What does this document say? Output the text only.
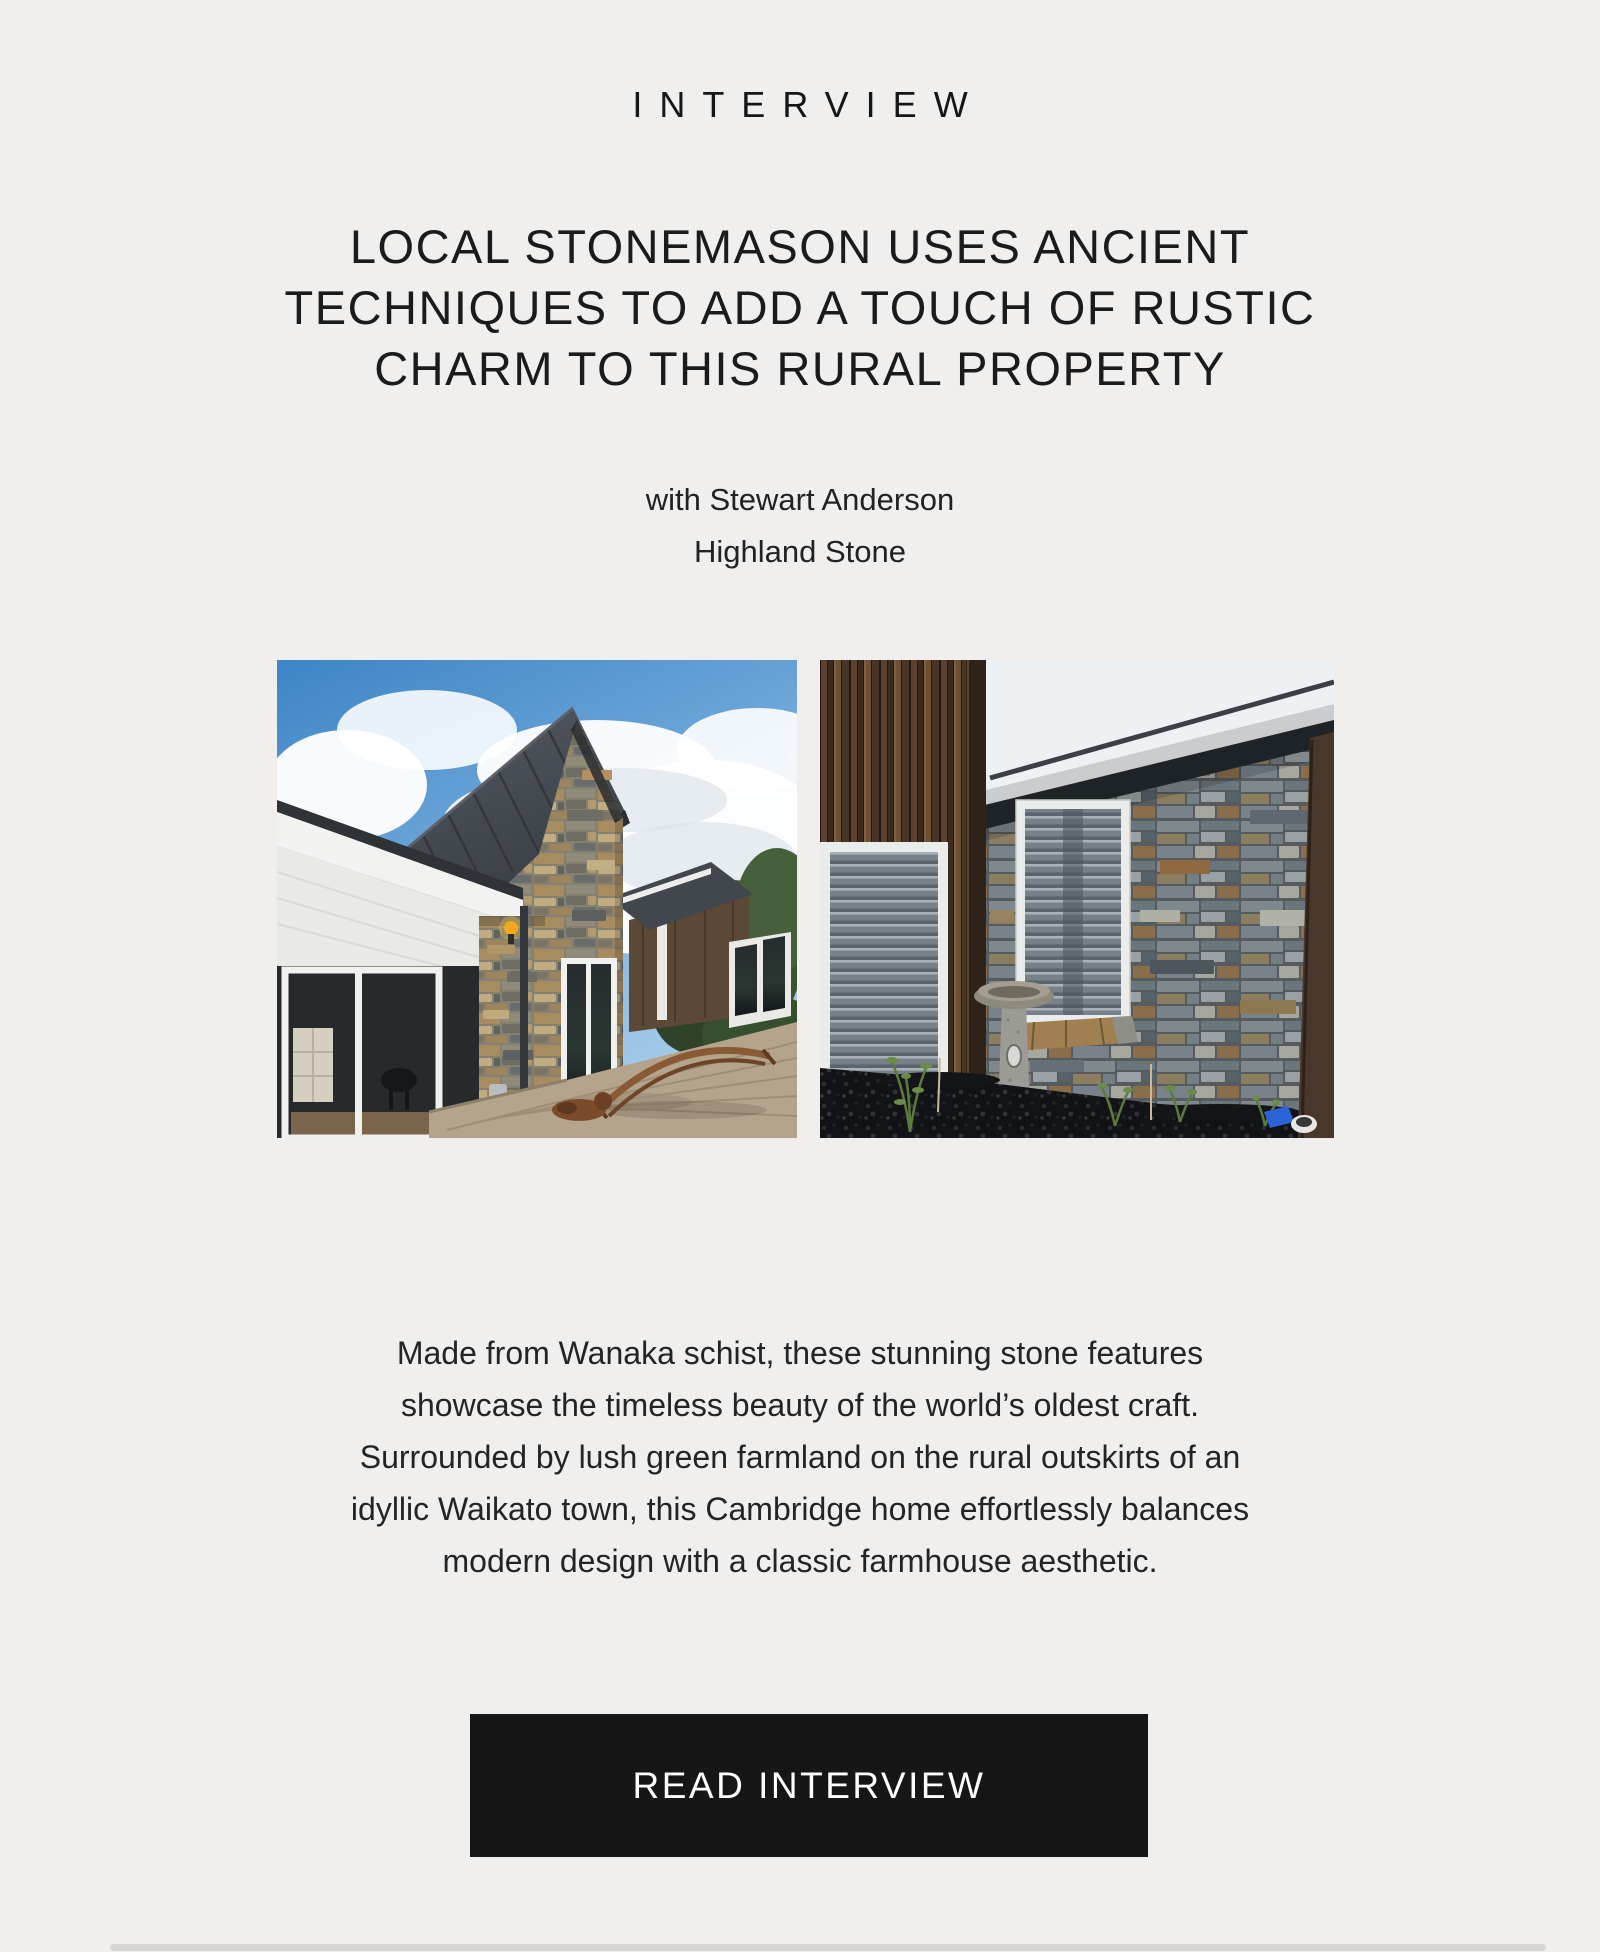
INTERVIEW
LOCAL STONEMASON USES ANCIENT
TECHNIQUES TO ADD A TOUCH OF RUSTIC
CHARM TO THIS RURAL PROPERTY
with Stewart Anderson
Highland Stone
Made from Wanaka schist, these stunning stone features
showcase the timeless beauty of the world’s oldest craft.
Surrounded by lush green farmland on the rural outskirts of an
idyllic Waikato town, this Cambridge home effortlessly balances
modern design with a classic farmhouse aesthetic.
READ INTERVIEW
